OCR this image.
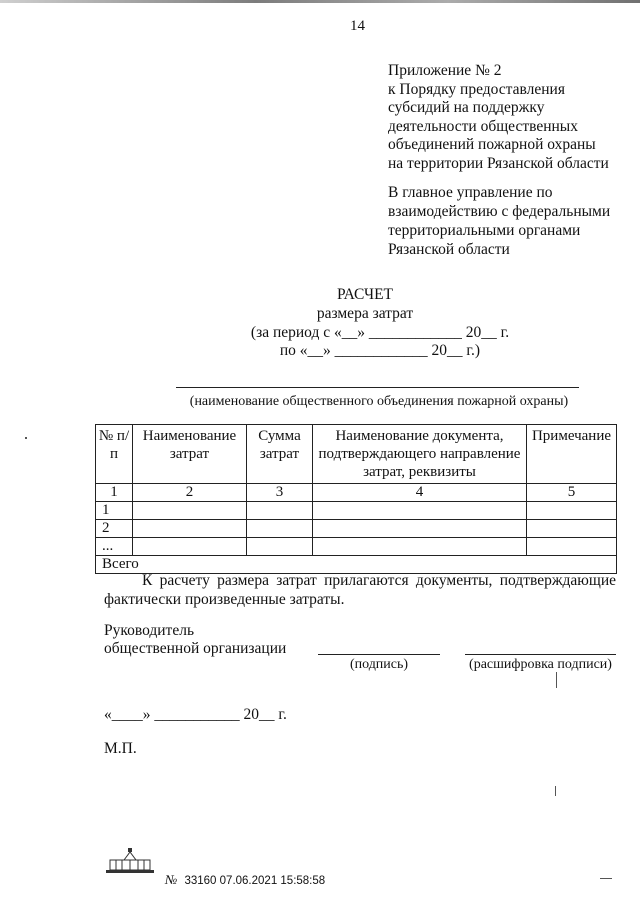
14
Приложение № 2
к Порядку предоставления
субсидий на поддержку
деятельности общественных
объединений пожарной охраны
на территории Рязанской области
В главное управление по
взаимодействию с федеральными
территориальными органами
Рязанской области
РАСЧЕТ
размера затрат
(за период с «__» ____________ 20__ г.
по «__» ____________ 20__ г.)
(наименование общественного объединения пожарной охраны)
№ п/п	Наименование затрат	Сумма затрат	Наименование документа, подтверждающего направление затрат, реквизиты	Примечание
1	2	3	4	5
1				
2				
...				
Всего				
К расчету размера затрат прилагаются документы, подтверждающие фактически произведенные затраты.
Руководитель
общественной организации
(подпись)	(расшифровка подписи)
«____» ___________ 20__ г.
М.П.
№ 33160 07.06.2021 15:58:58
